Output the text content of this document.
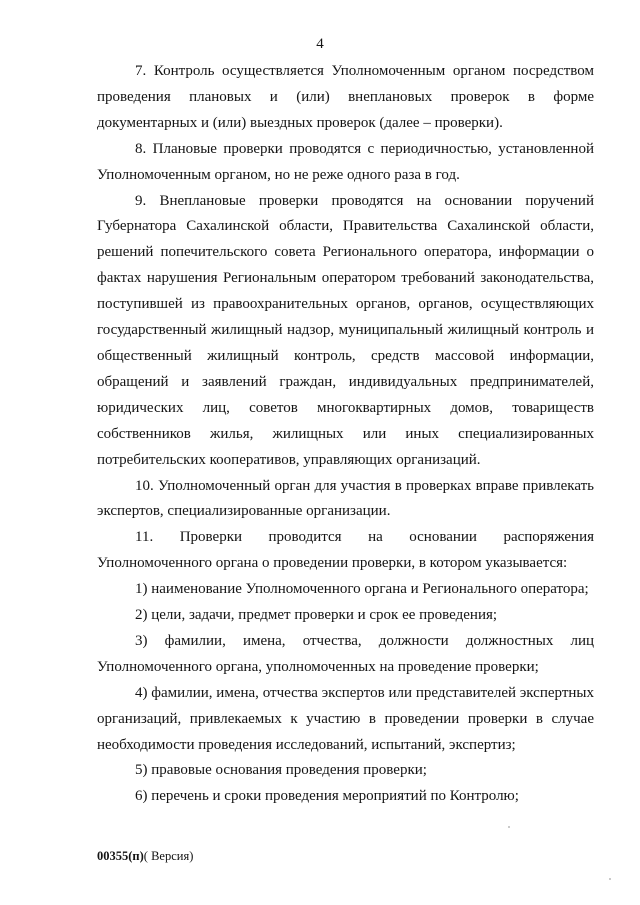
4

7. Контроль осуществляется Уполномоченным органом посредством проведения плановых и (или) внеплановых проверок в форме документарных и (или) выездных проверок (далее – проверки).

8. Плановые проверки проводятся с периодичностью, установленной Уполномоченным органом, но не реже одного раза в год.

9. Внеплановые проверки проводятся на основании поручений Губернатора Сахалинской области, Правительства Сахалинской области, решений попечительского совета Регионального оператора, информации о фактах нарушения Региональным оператором требований законодательства, поступившей из правоохранительных органов, органов, осуществляющих государственный жилищный надзор, муниципальный жилищный контроль и общественный жилищный контроль, средств массовой информации, обращений и заявлений граждан, индивидуальных предпринимателей, юридических лиц, советов многоквартирных домов, товариществ собственников жилья, жилищных или иных специализированных потребительских кооперативов, управляющих организаций.

10. Уполномоченный орган для участия в проверках вправе привлекать экспертов, специализированные организации.

11. Проверки проводится на основании распоряжения Уполномоченного органа о проведении проверки, в котором указывается:

1) наименование Уполномоченного органа и Регионального оператора;

2) цели, задачи, предмет проверки и срок ее проведения;

3) фамилии, имена, отчества, должности должностных лиц Уполномоченного органа, уполномоченных на проведение проверки;

4) фамилии, имена, отчества экспертов или представителей экспертных организаций, привлекаемых к участию в проведении проверки в случае необходимости проведения исследований, испытаний, экспертиз;

5) правовые основания проведения проверки;

6) перечень и сроки проведения мероприятий по Контролю;

00355(п)( Версия)
